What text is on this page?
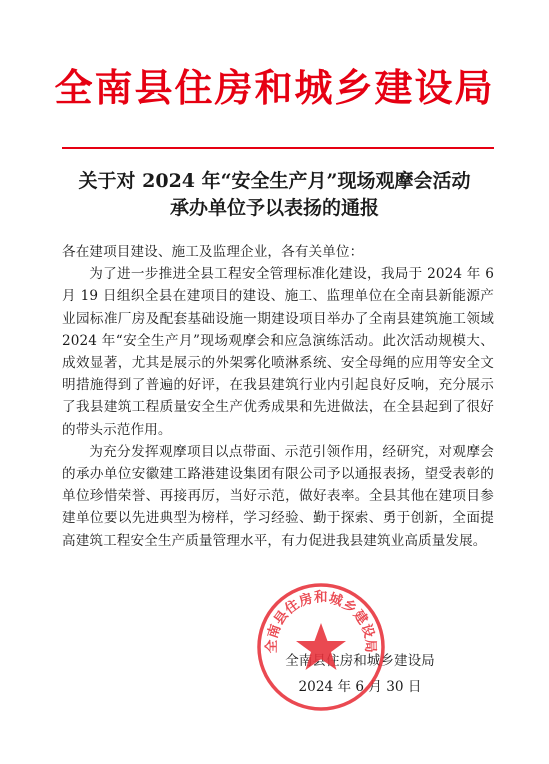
全南县住房和城乡建设局
关于对 2024 年“安全生产月”现场观摩会活动
承办单位予以表扬的通报

各在建项目建设、施工及监理企业，各有关单位：

为了进一步推进全县工程安全管理标准化建设，我局于 2024 年 6 月 19 日组织全县在建项目的建设、施工、监理单位在全南县新能源产业园标准厂房及配套基础设施一期建设项目举办了全南县建筑施工领域 2024 年“安全生产月”现场观摩会和应急演练活动。此次活动规模大、成效显著，尤其是展示的外架雾化喷淋系统、安全母绳的应用等安全文明措施得到了普遍的好评，在我县建筑行业内引起良好反响，充分展示了我县建筑工程质量安全生产优秀成果和先进做法，在全县起到了很好的带头示范作用。

为充分发挥观摩项目以点带面、示范引领作用，经研究，对观摩会的承办单位安徽建工路港建设集团有限公司予以通报表扬，望受表彰的单位珍惜荣誉、再接再厉，当好示范，做好表率。全县其他在建项目参建单位要以先进典型为榜样，学习经验、勤于探索、勇于创新，全面提高建筑工程安全生产质量管理水平，有力促进我县建筑业高质量发展。

全南县住房和城乡建设局
2024 年 6 月 30 日
全南县住房和城乡建设局
